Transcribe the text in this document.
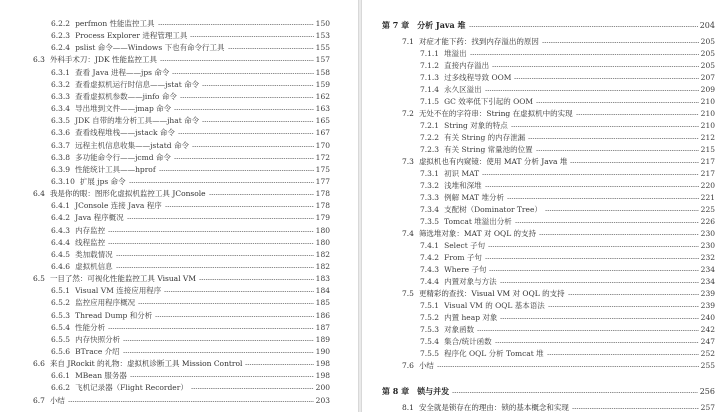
6.2.2 perfmon 性能监控工具	150
6.2.3 Process Explorer 进程管理工具	153
6.2.4 pslist 命令——Windows 下也有命令行工具	155
6.3 外科手术刀：JDK 性能监控工具	157
6.3.1 查看 Java 进程——jps 命令	158
6.3.2 查看虚拟机运行时信息——jstat 命令	159
6.3.3 查看虚拟机参数——jinfo 命令	162
6.3.4 导出堆到文件——jmap 命令	163
6.3.5 JDK 自带的堆分析工具——jhat 命令	165
6.3.6 查看线程堆栈——jstack 命令	167
6.3.7 远程主机信息收集——jstatd 命令	170
6.3.8 多功能命令行——jcmd 命令	172
6.3.9 性能统计工具——hprof	175
6.3.10 扩展 jps 命令	177
6.4 我是你的眼：图形化虚拟机监控工具 JConsole	178
6.4.1 JConsole 连接 Java 程序	178
6.4.2 Java 程序概况	179
6.4.3 内存监控	180
6.4.4 线程监控	180
6.4.5 类加载情况	182
6.4.6 虚拟机信息	182
6.5 一目了然：可视化性能监控工具 Visual VM	183
6.5.1 Visual VM 连接应用程序	184
6.5.2 监控应用程序概况	185
6.5.3 Thread Dump 和分析	186
6.5.4 性能分析	187
6.5.5 内存快照分析	189
6.5.6 BTrace 介绍	190
6.6 来自 JRockit 的礼物：虚拟机诊断工具 Mission Control	198
6.6.1 MBean 服务器	198
6.6.2 飞机记录器（Flight Recorder）	200
6.7 小结	203
第 7 章 分析 Java 堆	204
7.1 对症才能下药：找到内存溢出的原因	205
7.1.1 堆溢出	205
7.1.2 直接内存溢出	205
7.1.3 过多线程导致 OOM	207
7.1.4 永久区溢出	209
7.1.5 GC 效率低下引起的 OOM	210
7.2 无处不在的字符串：String 在虚拟机中的实现	210
7.2.1 String 对象的特点	210
7.2.2 有关 String 的内存泄漏	212
7.2.3 有关 String 常量池的位置	215
7.3 虚拟机也有内窥镜：使用 MAT 分析 Java 堆	217
7.3.1 初识 MAT	217
7.3.2 浅堆和深堆	220
7.3.3 例解 MAT 堆分析	221
7.3.4 支配树（Dominator Tree）	225
7.3.5 Tomcat 堆溢出分析	226
7.4 筛选堆对象：MAT 对 OQL 的支持	230
7.4.1 Select 子句	230
7.4.2 From 子句	232
7.4.3 Where 子句	234
7.4.4 内置对象与方法	234
7.5 更精彩的查找：Visual VM 对 OQL 的支持	239
7.5.1 Visual VM 的 OQL 基本语法	239
7.5.2 内置 heap 对象	240
7.5.3 对象函数	242
7.5.4 集合/统计函数	247
7.5.5 程序化 OQL 分析 Tomcat 堆	252
7.6 小结	255
第 8 章 锁与并发	256
8.1 安全就是锁存在的理由：锁的基本概念和实现	257
